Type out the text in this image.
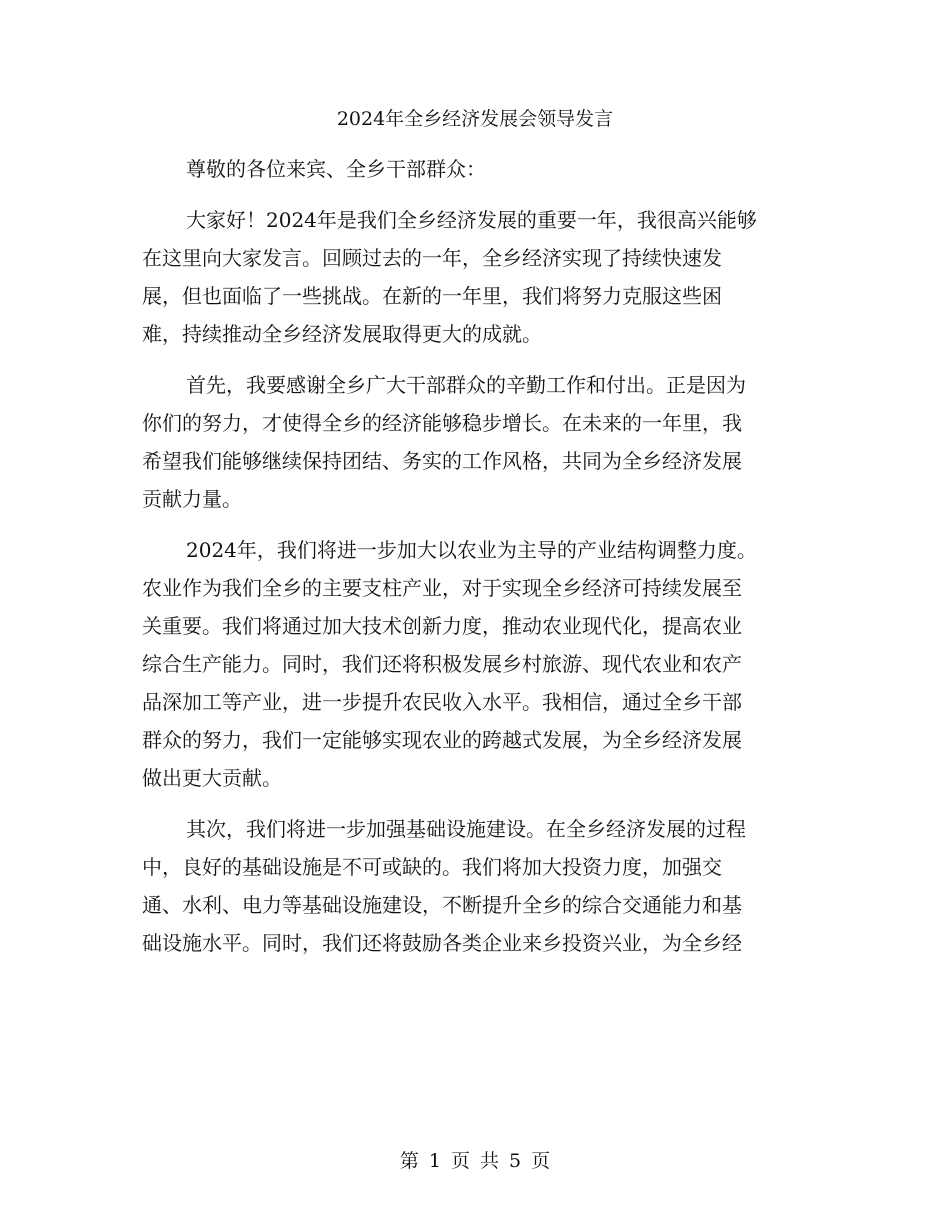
2024年全乡经济发展会领导发言

尊敬的各位来宾、全乡干部群众：

大家好！2024年是我们全乡经济发展的重要一年，我很高兴能够
在这里向大家发言。回顾过去的一年，全乡经济实现了持续快速发
展，但也面临了一些挑战。在新的一年里，我们将努力克服这些困
难，持续推动全乡经济发展取得更大的成就。

首先，我要感谢全乡广大干部群众的辛勤工作和付出。正是因为
你们的努力，才使得全乡的经济能够稳步增长。在未来的一年里，我
希望我们能够继续保持团结、务实的工作风格，共同为全乡经济发展
贡献力量。

2024年，我们将进一步加大以农业为主导的产业结构调整力度。
农业作为我们全乡的主要支柱产业，对于实现全乡经济可持续发展至
关重要。我们将通过加大技术创新力度，推动农业现代化，提高农业
综合生产能力。同时，我们还将积极发展乡村旅游、现代农业和农产
品深加工等产业，进一步提升农民收入水平。我相信，通过全乡干部
群众的努力，我们一定能够实现农业的跨越式发展，为全乡经济发展
做出更大贡献。

其次，我们将进一步加强基础设施建设。在全乡经济发展的过程
中，良好的基础设施是不可或缺的。我们将加大投资力度，加强交
通、水利、电力等基础设施建设，不断提升全乡的综合交通能力和基
础设施水平。同时，我们还将鼓励各类企业来乡投资兴业，为全乡经

第 1 页 共 5 页
